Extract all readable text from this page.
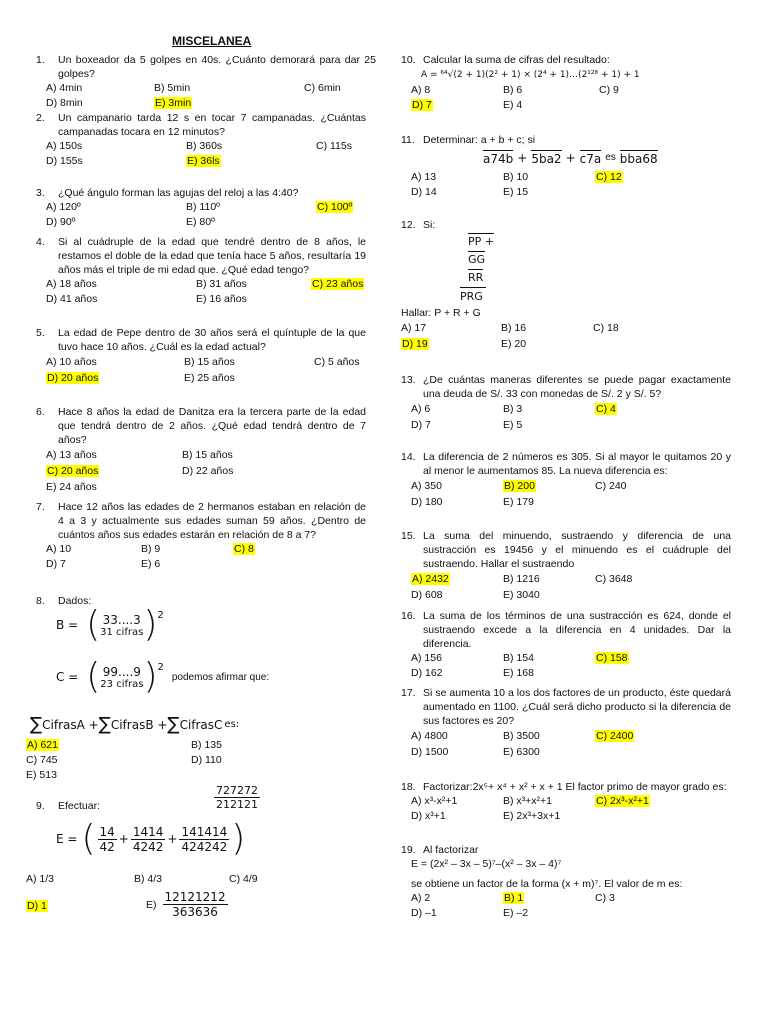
MISCELANEA
1.	Un boxeador da 5 golpes en 40s. ¿Cuánto demorará para dar 25 golpes?
A) 4min	B) 5min	C) 6min
D) 8min	E) 3min
2.	Un campanario tarda 12 s en tocar 7 campanadas. ¿Cuántas campanadas tocara en 12 minutos?
A) 150s	B) 360s	C) 115s
D) 155s	E) 36ls
3.	¿Qué ángulo forman las agujas del reloj a las 4:40?
A) 120º	B) 110º	C) 100º
D) 90º	E) 80º
4.	Si al cuádruple de la edad que tendré dentro de 8 años, le restamos el doble de la edad que tenía hace 5 años, resultaría 19 años más el triple de mi edad que. ¿Qué edad tengo?
A) 18 años	B) 31 años	C) 23 años
D) 41 años	E) 16 años
5.	La edad de Pepe dentro de 30 años será el quíntuple de la que tuvo hace 10 años. ¿Cuál es la edad actual?
A) 10 años	B) 15 años	C) 5 años
D) 20 años	E) 25 años
6.	Hace 8 años la edad de Danitza era la tercera parte de la edad que tendrá dentro de 2 años. ¿Qué edad tendrá dentro de 7 años?
A) 13 años	B) 15 años
C) 20 años	D) 22 años
E) 24 años
7.	Hace 12 años las edades de 2 hermanos estaban en relación de 4 a 3 y actualmente sus edades suman 59 años. ¿Dentro de cuántos años sus edades estarán en relación de 8 a 7?
A) 10	B) 9	C) 8
D) 7	E) 6
8.	Dados:
B = ( 33....3
31 cifras ) 2
C = ( 99....9
23 cifras ) 2
podemos afirmar que:
∑ CifrasA + ∑ CifrasB + ∑ CifrasC es:
A) 621	B) 135
C) 745	D) 110
E) 513
9.	Efectuar:	$\frac{727272}{212121}$
E = ( $\frac{14}{42} + \frac{1414}{4242} + \frac{141414}{424242}$ )
A) 1/3	B) 4/3	C) 4/9
D) 1	$E) \frac{12121212}{363636}$
10. Calcular la suma de cifras del resultado:
A = ⁶⁴√(2 + 1)(2² + 1) × (2⁴ + 1)…(2¹²⁸ + 1) + 1
A) 8	B) 6	C) 9
D) 7	E) 4
11. Determinar: a + b + c; si
a74b + 5ba2 + c7a es bba68
A) 13	B) 10	C) 12
D) 14	E) 15
12. Si:
PP +
GG
RR
PRG
Hallar: P + R + G
A) 17	B) 16	C) 18
D) 19	E) 20
13. ¿De cuántas maneras diferentes se puede pagar exactamente una deuda de S/. 33 con monedas de S/. 2 y S/. 5?
A) 6	B) 3	C) 4
D) 7	E) 5
14. La diferencia de 2 números es 305. Si al mayor le quitamos 20 y al menor le aumentamos 85. La nueva diferencia es:
A) 350	B) 200	C) 240
D) 180	E) 179
15. La suma del minuendo, sustraendo y diferencia de una sustracción es 19456 y el minuendo es el cuádruple del sustraendo. Hallar el sustraendo
A) 2432	B) 1216	C) 3648
D) 608	E) 3040
16. La suma de los términos de una sustracción es 624, donde el sustraendo excede a la diferencia en 4 unidades. Dar la diferencia.
A) 156	B) 154	C) 158
D) 162	E) 168
17. Si se aumenta 10 a los dos factores de un producto, éste quedará aumentado en 1100. ¿Cuál será dicho producto si la diferencia de sus factores es 20?
A) 4800	B) 3500	C) 2400
D) 1500	E) 6300
18. Factorizar:2x⁵+ x⁴ + x² + x + 1 El factor primo de mayor grado es:
A) x³-x²+1	B) x³+x²+1	C) 2x³-x²+1
D) x³+1	E) 2x³+3x+1
19. Al factorizar
E = (2x² – 3x – 5)⁷–(x² – 3x – 4)⁷
se obtiene un factor de la forma (x + m)⁷. El valor de m es:
A) 2	B) 1	C) 3
D) –1	E) –2
